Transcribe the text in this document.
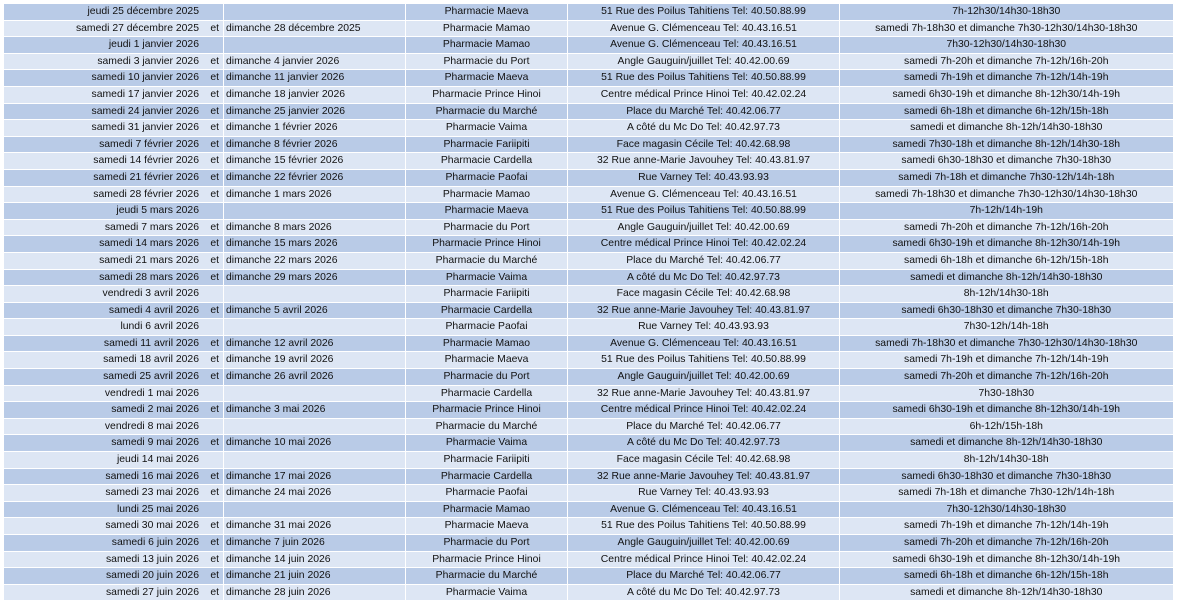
jeudi 25 décembre 2025		Pharmacie Maeva	51 Rue des Poilus Tahitiens Tel: 40.50.88.99	7h-12h30/14h30-18h30
samedi 27 décembre 2025 et	dimanche 28 décembre 2025	Pharmacie Mamao	Avenue G. Clémenceau Tel: 40.43.16.51	samedi 7h-18h30 et dimanche 7h30-12h30/14h30-18h30
jeudi 1 janvier 2026		Pharmacie Mamao	Avenue G. Clémenceau Tel: 40.43.16.51	7h30-12h30/14h30-18h30
samedi 3 janvier 2026 et	dimanche 4 janvier 2026	Pharmacie du Port	Angle Gauguin/juillet Tel: 40.42.00.69	samedi 7h-20h et dimanche 7h-12h/16h-20h
samedi 10 janvier 2026 et	dimanche 11 janvier 2026	Pharmacie Maeva	51 Rue des Poilus Tahitiens Tel: 40.50.88.99	samedi 7h-19h et dimanche 7h-12h/14h-19h
samedi 17 janvier 2026 et	dimanche 18 janvier 2026	Pharmacie Prince Hinoi	Centre médical Prince Hinoi Tel: 40.42.02.24	samedi 6h30-19h et dimanche 8h-12h30/14h-19h
samedi 24 janvier 2026 et	dimanche 25 janvier 2026	Pharmacie du Marché	Place du Marché Tel: 40.42.06.77	samedi 6h-18h et dimanche 6h-12h/15h-18h
samedi 31 janvier 2026 et	dimanche 1 février 2026	Pharmacie Vaima	A côté du Mc Do Tel: 40.42.97.73	samedi et dimanche 8h-12h/14h30-18h30
samedi 7 février 2026 et	dimanche 8 février 2026	Pharmacie Fariipiti	Face magasin Cécile Tel: 40.42.68.98	samedi 7h30-18h et dimanche 8h-12h/14h30-18h
samedi 14 février 2026 et	dimanche 15 février 2026	Pharmacie Cardella	32 Rue anne-Marie Javouhey Tel: 40.43.81.97	samedi 6h30-18h30 et dimanche 7h30-18h30
samedi 21 février 2026 et	dimanche 22 février 2026	Pharmacie Paofai	Rue Varney Tel: 40.43.93.93	samedi 7h-18h et dimanche 7h30-12h/14h-18h
samedi 28 février 2026 et	dimanche 1 mars 2026	Pharmacie Mamao	Avenue G. Clémenceau Tel: 40.43.16.51	samedi 7h-18h30 et dimanche 7h30-12h30/14h30-18h30
jeudi 5 mars 2026		Pharmacie Maeva	51 Rue des Poilus Tahitiens Tel: 40.50.88.99	7h-12h/14h-19h
samedi 7 mars 2026 et	dimanche 8 mars 2026	Pharmacie du Port	Angle Gauguin/juillet Tel: 40.42.00.69	samedi 7h-20h et dimanche 7h-12h/16h-20h
samedi 14 mars 2026 et	dimanche 15 mars 2026	Pharmacie Prince Hinoi	Centre médical Prince Hinoi Tel: 40.42.02.24	samedi 6h30-19h et dimanche 8h-12h30/14h-19h
samedi 21 mars 2026 et	dimanche 22 mars 2026	Pharmacie du Marché	Place du Marché Tel: 40.42.06.77	samedi 6h-18h et dimanche 6h-12h/15h-18h
samedi 28 mars 2026 et	dimanche 29 mars 2026	Pharmacie Vaima	A côté du Mc Do Tel: 40.42.97.73	samedi et dimanche 8h-12h/14h30-18h30
vendredi 3 avril 2026		Pharmacie Fariipiti	Face magasin Cécile Tel: 40.42.68.98	8h-12h/14h30-18h
samedi 4 avril 2026 et	dimanche 5 avril 2026	Pharmacie Cardella	32 Rue anne-Marie Javouhey Tel: 40.43.81.97	samedi 6h30-18h30 et dimanche 7h30-18h30
lundi 6 avril 2026		Pharmacie Paofai	Rue Varney Tel: 40.43.93.93	7h30-12h/14h-18h
samedi 11 avril 2026 et	dimanche 12 avril 2026	Pharmacie Mamao	Avenue G. Clémenceau Tel: 40.43.16.51	samedi 7h-18h30 et dimanche 7h30-12h30/14h30-18h30
samedi 18 avril 2026 et	dimanche 19 avril 2026	Pharmacie Maeva	51 Rue des Poilus Tahitiens Tel: 40.50.88.99	samedi 7h-19h et dimanche 7h-12h/14h-19h
samedi 25 avril 2026 et	dimanche 26 avril 2026	Pharmacie du Port	Angle Gauguin/juillet Tel: 40.42.00.69	samedi 7h-20h et dimanche 7h-12h/16h-20h
vendredi 1 mai 2026		Pharmacie Cardella	32 Rue anne-Marie Javouhey Tel: 40.43.81.97	7h30-18h30
samedi 2 mai 2026 et	dimanche 3 mai 2026	Pharmacie Prince Hinoi	Centre médical Prince Hinoi Tel: 40.42.02.24	samedi 6h30-19h et dimanche 8h-12h30/14h-19h
vendredi 8 mai 2026		Pharmacie du Marché	Place du Marché Tel: 40.42.06.77	6h-12h/15h-18h
samedi 9 mai 2026 et	dimanche 10 mai 2026	Pharmacie Vaima	A côté du Mc Do Tel: 40.42.97.73	samedi et dimanche 8h-12h/14h30-18h30
jeudi 14 mai 2026		Pharmacie Fariipiti	Face magasin Cécile Tel: 40.42.68.98	8h-12h/14h30-18h
samedi 16 mai 2026 et	dimanche 17 mai 2026	Pharmacie Cardella	32 Rue anne-Marie Javouhey Tel: 40.43.81.97	samedi 6h30-18h30 et dimanche 7h30-18h30
samedi 23 mai 2026 et	dimanche 24 mai 2026	Pharmacie Paofai	Rue Varney Tel: 40.43.93.93	samedi 7h-18h et dimanche 7h30-12h/14h-18h
lundi 25 mai 2026		Pharmacie Mamao	Avenue G. Clémenceau Tel: 40.43.16.51	7h30-12h30/14h30-18h30
samedi 30 mai 2026 et	dimanche 31 mai 2026	Pharmacie Maeva	51 Rue des Poilus Tahitiens Tel: 40.50.88.99	samedi 7h-19h et dimanche 7h-12h/14h-19h
samedi 6 juin 2026 et	dimanche 7 juin 2026	Pharmacie du Port	Angle Gauguin/juillet Tel: 40.42.00.69	samedi 7h-20h et dimanche 7h-12h/16h-20h
samedi 13 juin 2026 et	dimanche 14 juin 2026	Pharmacie Prince Hinoi	Centre médical Prince Hinoi Tel: 40.42.02.24	samedi 6h30-19h et dimanche 8h-12h30/14h-19h
samedi 20 juin 2026 et	dimanche 21 juin 2026	Pharmacie du Marché	Place du Marché Tel: 40.42.06.77	samedi 6h-18h et dimanche 6h-12h/15h-18h
samedi 27 juin 2026 et	dimanche 28 juin 2026	Pharmacie Vaima	A côté du Mc Do Tel: 40.42.97.73	samedi et dimanche 8h-12h/14h30-18h30
